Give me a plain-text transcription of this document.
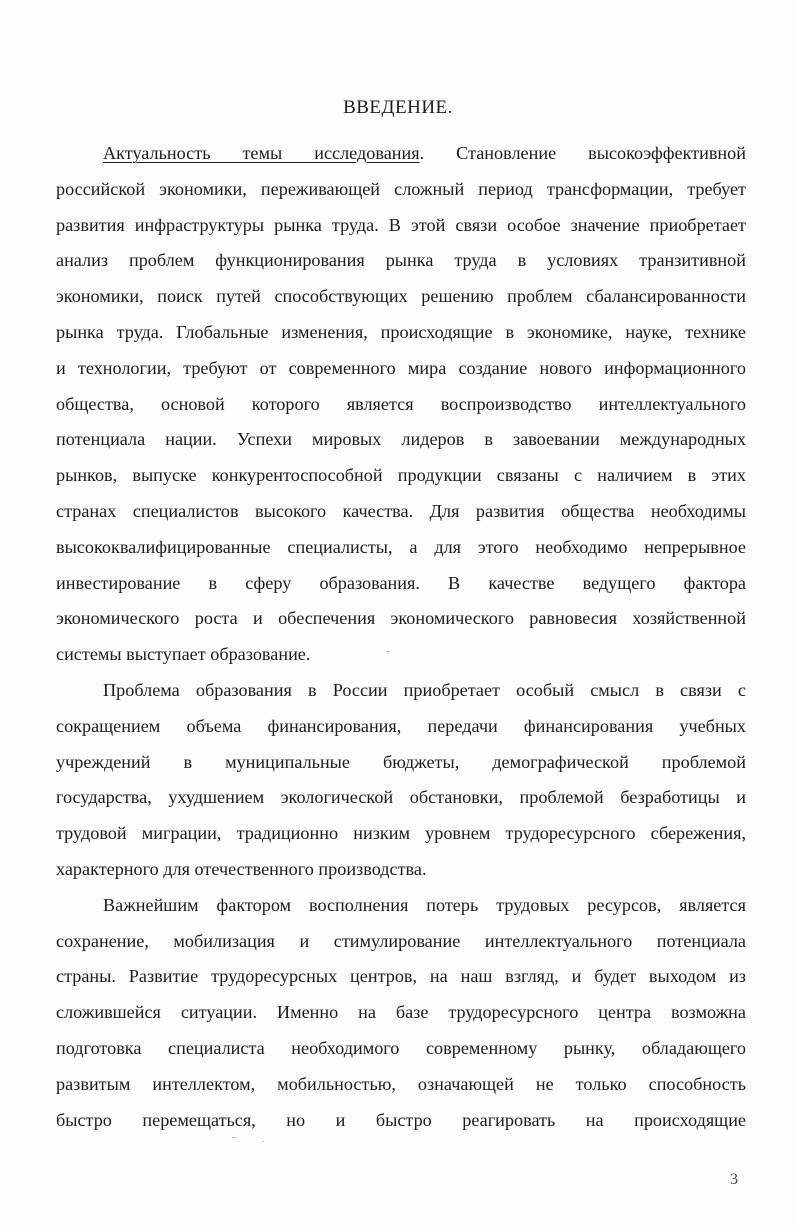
ВВЕДЕНИЕ.
Актуальность темы исследования. Становление высокоэффективной
российской экономики, переживающей сложный период трансформации, требует
развития инфраструктуры рынка труда. В этой связи особое значение приобретает
анализ проблем функционирования рынка труда в условиях транзитивной
экономики, поиск путей способствующих решению проблем сбалансированности
рынка труда. Глобальные изменения, происходящие в экономике, науке, технике
и технологии, требуют от современного мира создание нового информационного
общества, основой которого является воспроизводство интеллектуального
потенциала нации. Успехи мировых лидеров в завоевании международных
рынков, выпуске конкурентоспособной продукции связаны с наличием в этих
странах специалистов высокого качества. Для развития общества необходимы
высококвалифицированные специалисты, а для этого необходимо непрерывное
инвестирование в сферу образования. В качестве ведущего фактора
экономического роста и обеспечения экономического равновесия хозяйственной
системы выступает образование.
Проблема образования в России приобретает особый смысл в связи с
сокращением объема финансирования, передачи финансирования учебных
учреждений в муниципальные бюджеты, демографической проблемой
государства, ухудшением экологической обстановки, проблемой безработицы и
трудовой миграции, традиционно низким уровнем трудоресурсного сбережения,
характерного для отечественного производства.
Важнейшим фактором восполнения потерь трудовых ресурсов, является
сохранение, мобилизация и стимулирование интеллектуального потенциала
страны. Развитие трудоресурсных центров, на наш взгляд, и будет выходом из
сложившейся ситуации. Именно на базе трудоресурсного центра возможна
подготовка специалиста необходимого современному рынку, обладающего
развитым интеллектом, мобильностью, означающей не только способность
быстро перемещаться, но и быстро реагировать на происходящие
3
